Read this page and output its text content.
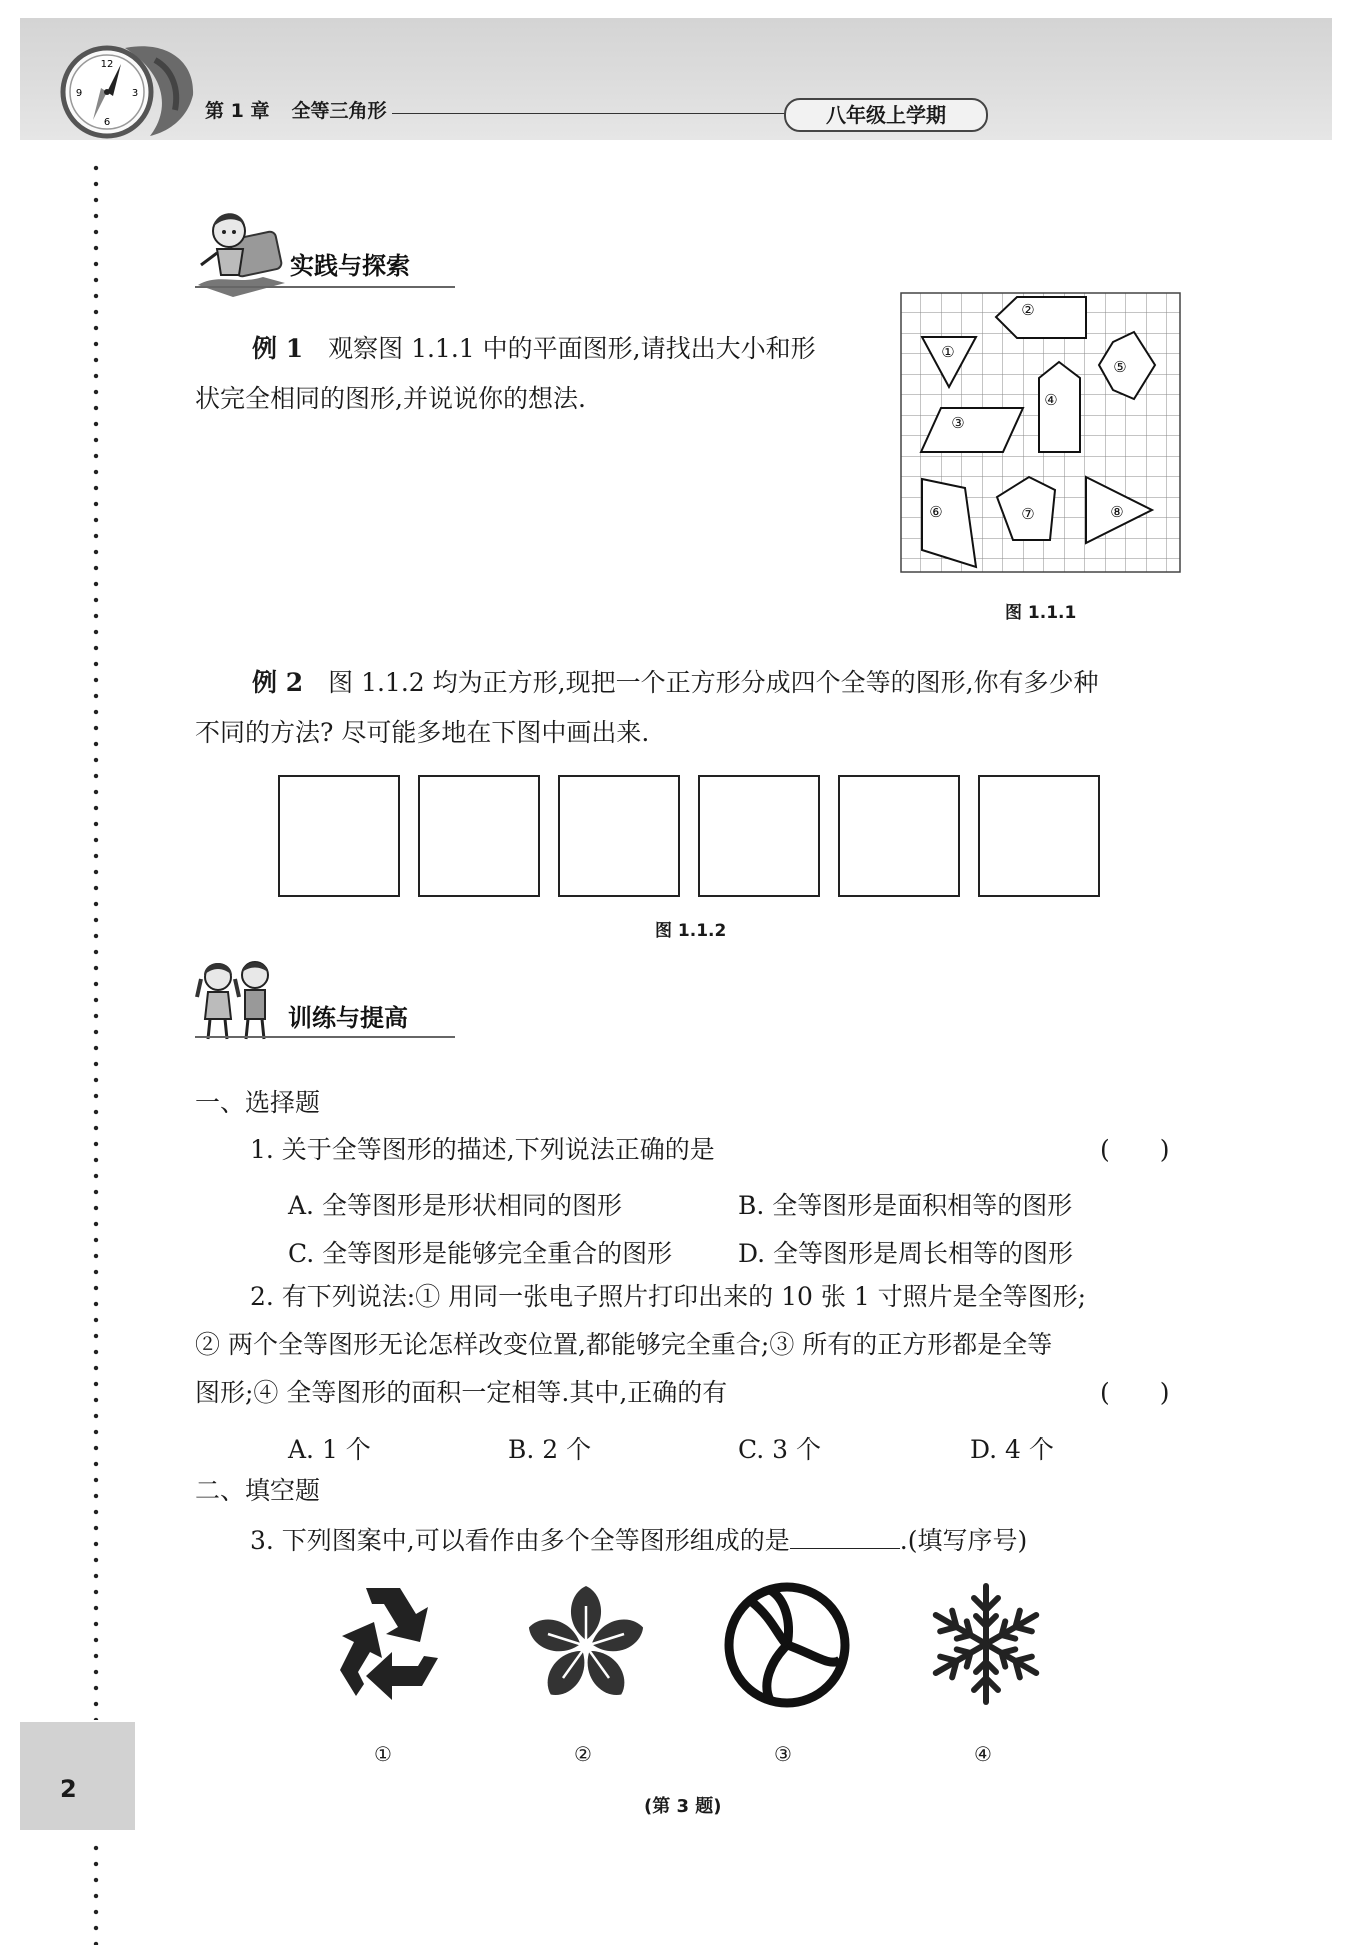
12
3
6
9
第 1 章 全等三角形	八年级上学期
实践与探索
例 1　 观察图 1.1.1 中的平面图形,请找出大小和形
状完全相同的图形,并说说你的想法.
①
②
③
④
⑤
⑥	⑦	⑧
图 1.1.1
例 2　 图 1.1.2 均为正方形,现把一个正方形分成四个全等的图形,你有多少种
不同的方法? 尽可能多地在下图中画出来.
图 1.1.2
训练与提高
一、选择题
1. 关于全等图形的描述,下列说法正确的是	(　　)
A. 全等图形是形状相同的图形	B. 全等图形是面积相等的图形
C. 全等图形是能够完全重合的图形	D. 全等图形是周长相等的图形
2. 有下列说法:① 用同一张电子照片打印出来的 10 张 1 寸照片是全等图形;
② 两个全等图形无论怎样改变位置,都能够完全重合;③ 所有的正方形都是全等
图形;④ 全等图形的面积一定相等.其中,正确的有	(　　)
A. 1 个	B. 2 个	C. 3 个	D. 4 个
二、填空题
3. 下列图案中,可以看作由多个全等图形组成的是	.(填写序号)
①	②	③	④
(第 3 题)
2
